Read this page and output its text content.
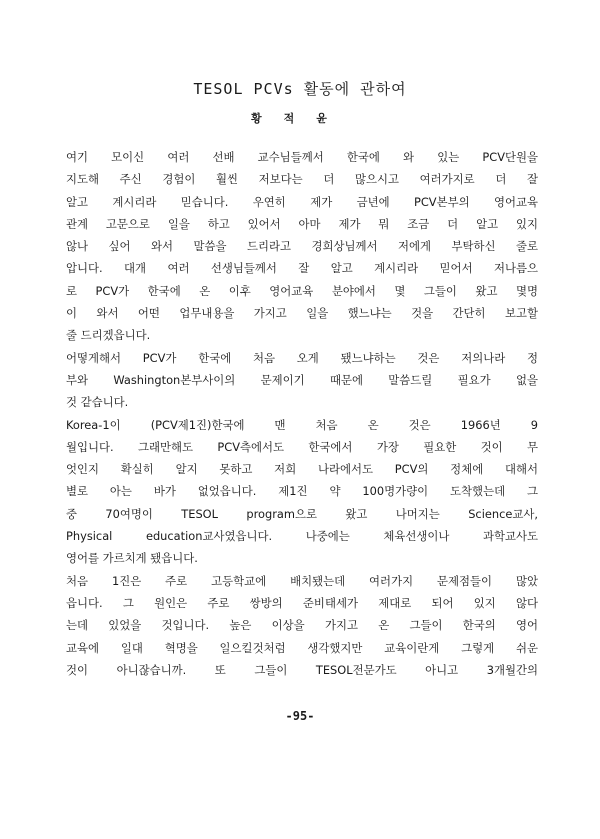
TESOL PCVs 활동에 관하여
황적윤

여기 모이신 여러 선배 교수님들께서 한국에 와 있는 PCV단원을
지도해 주신 경험이 훨씬 저보다는 더 많으시고 여러가지로 더 잘
알고 계시리라 믿습니다. 우연히 제가 금년에 PCV본부의 영어교육
관계 고문으로 일을 하고 있어서 아마 제가 뭐 조금 더 알고 있지
않나 싶어 와서 말씀을 드리라고 경희상님께서 저에게 부탁하신 줄로
압니다. 대개 여러 선생님들께서 잘 알고 계시리라 믿어서 저나름으
로 PCV가 한국에 온 이후 영어교육 분야에서 몇 그들이 왔고 몇명
이 와서 어떤 업무내용을 가지고 일을 했느냐는 것을 간단히 보고할
줄 드리겠읍니다.

어떻게해서 PCV가 한국에 처음 오게 됐느냐하는 것은 저의나라 정
부와 Washington본부사이의 문제이기 때문에 말씀드릴 필요가 없을
것 같습니다.

Korea-1이 (PCV제1진)한국에 맨 처음 온 것은 1966년 9
월입니다. 그래만해도 PCV측에서도 한국에서 가장 필요한 것이 무
엇인지 확실히 알지 못하고 저희 나라에서도 PCV의 정체에 대해서
별로 아는 바가 없었읍니다. 제1진 약 100명가량이 도착했는데 그
중 70여명이 TESOL program으로 왔고 나머지는 Science교사,
Physical education교사였읍니다. 나중에는 체육선생이나 과학교사도
영어를 가르치게 됐읍니다.

처음 1진은 주로 고등학교에 배치됐는데 여러가지 문제점들이 많았
읍니다. 그 원인은 주로 쌍방의 준비태세가 제대로 되어 있지 않다
는데 있었을 것입니다. 높은 이상을 가지고 온 그들이 한국의 영어
교육에 일대 혁명을 일으킬것처럼 생각했지만 교육이란게 그렇게 쉬운
것이 아니잖습니까. 또 그들이 TESOL전문가도 아니고 3개월간의

-95-
